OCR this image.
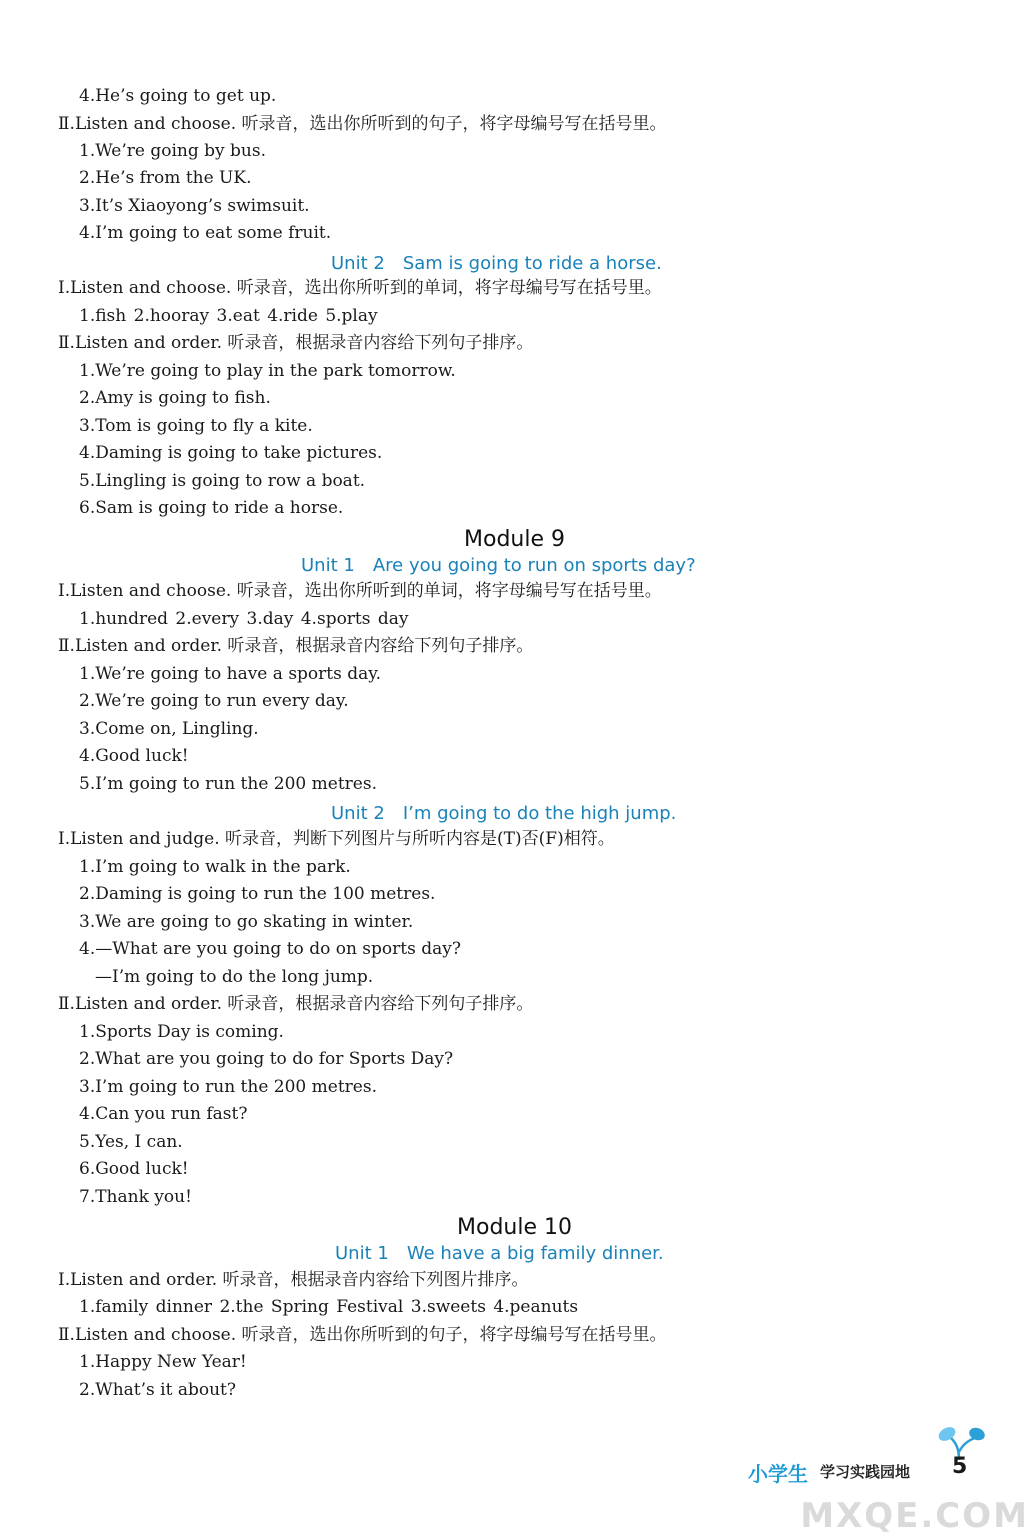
4.He’s going to get up.
Ⅱ.Listen and choose. 听录音，选出你所听到的句子，将字母编号写在括号里。
1.We’re going by bus.
2.He’s from the UK.
3.It’s Xiaoyong’s swimsuit.
4.I’m going to eat some fruit.
Unit 2 Sam is going to ride a horse.
Ⅰ.Listen and choose. 听录音，选出你所听到的单词，将字母编号写在括号里。
1.fish 2.hooray 3.eat 4.ride 5.play
Ⅱ.Listen and order. 听录音，根据录音内容给下列句子排序。
1.We’re going to play in the park tomorrow.
2.Amy is going to fish.
3.Tom is going to fly a kite.
4.Daming is going to take pictures.
5.Lingling is going to row a boat.
6.Sam is going to ride a horse.
Module 9
Unit 1 Are you going to run on sports day?
Ⅰ.Listen and choose. 听录音，选出你所听到的单词，将字母编号写在括号里。
1.hundred 2.every 3.day 4.sports day
Ⅱ.Listen and order. 听录音，根据录音内容给下列句子排序。
1.We’re going to have a sports day.
2.We’re going to run every day.
3.Come on, Lingling.
4.Good luck!
5.I’m going to run the 200 metres.
Unit 2 I’m going to do the high jump.
Ⅰ.Listen and judge. 听录音，判断下列图片与所听内容是(T)否(F)相符。
1.I’m going to walk in the park.
2.Daming is going to run the 100 metres.
3.We are going to go skating in winter.
4.—What are you going to do on sports day?
—I’m going to do the long jump.
Ⅱ.Listen and order. 听录音，根据录音内容给下列句子排序。
1.Sports Day is coming.
2.What are you going to do for Sports Day?
3.I’m going to run the 200 metres.
4.Can you run fast?
5.Yes, I can.
6.Good luck!
7.Thank you!
Module 10
Unit 1 We have a big family dinner.
Ⅰ.Listen and order. 听录音，根据录音内容给下列图片排序。
1.family dinner 2.the Spring Festival 3.sweets 4.peanuts
Ⅱ.Listen and choose. 听录音，选出你所听到的句子，将字母编号写在括号里。
1.Happy New Year!
2.What’s it about?
小学生 学习实践园地 5
MXQE.COM
